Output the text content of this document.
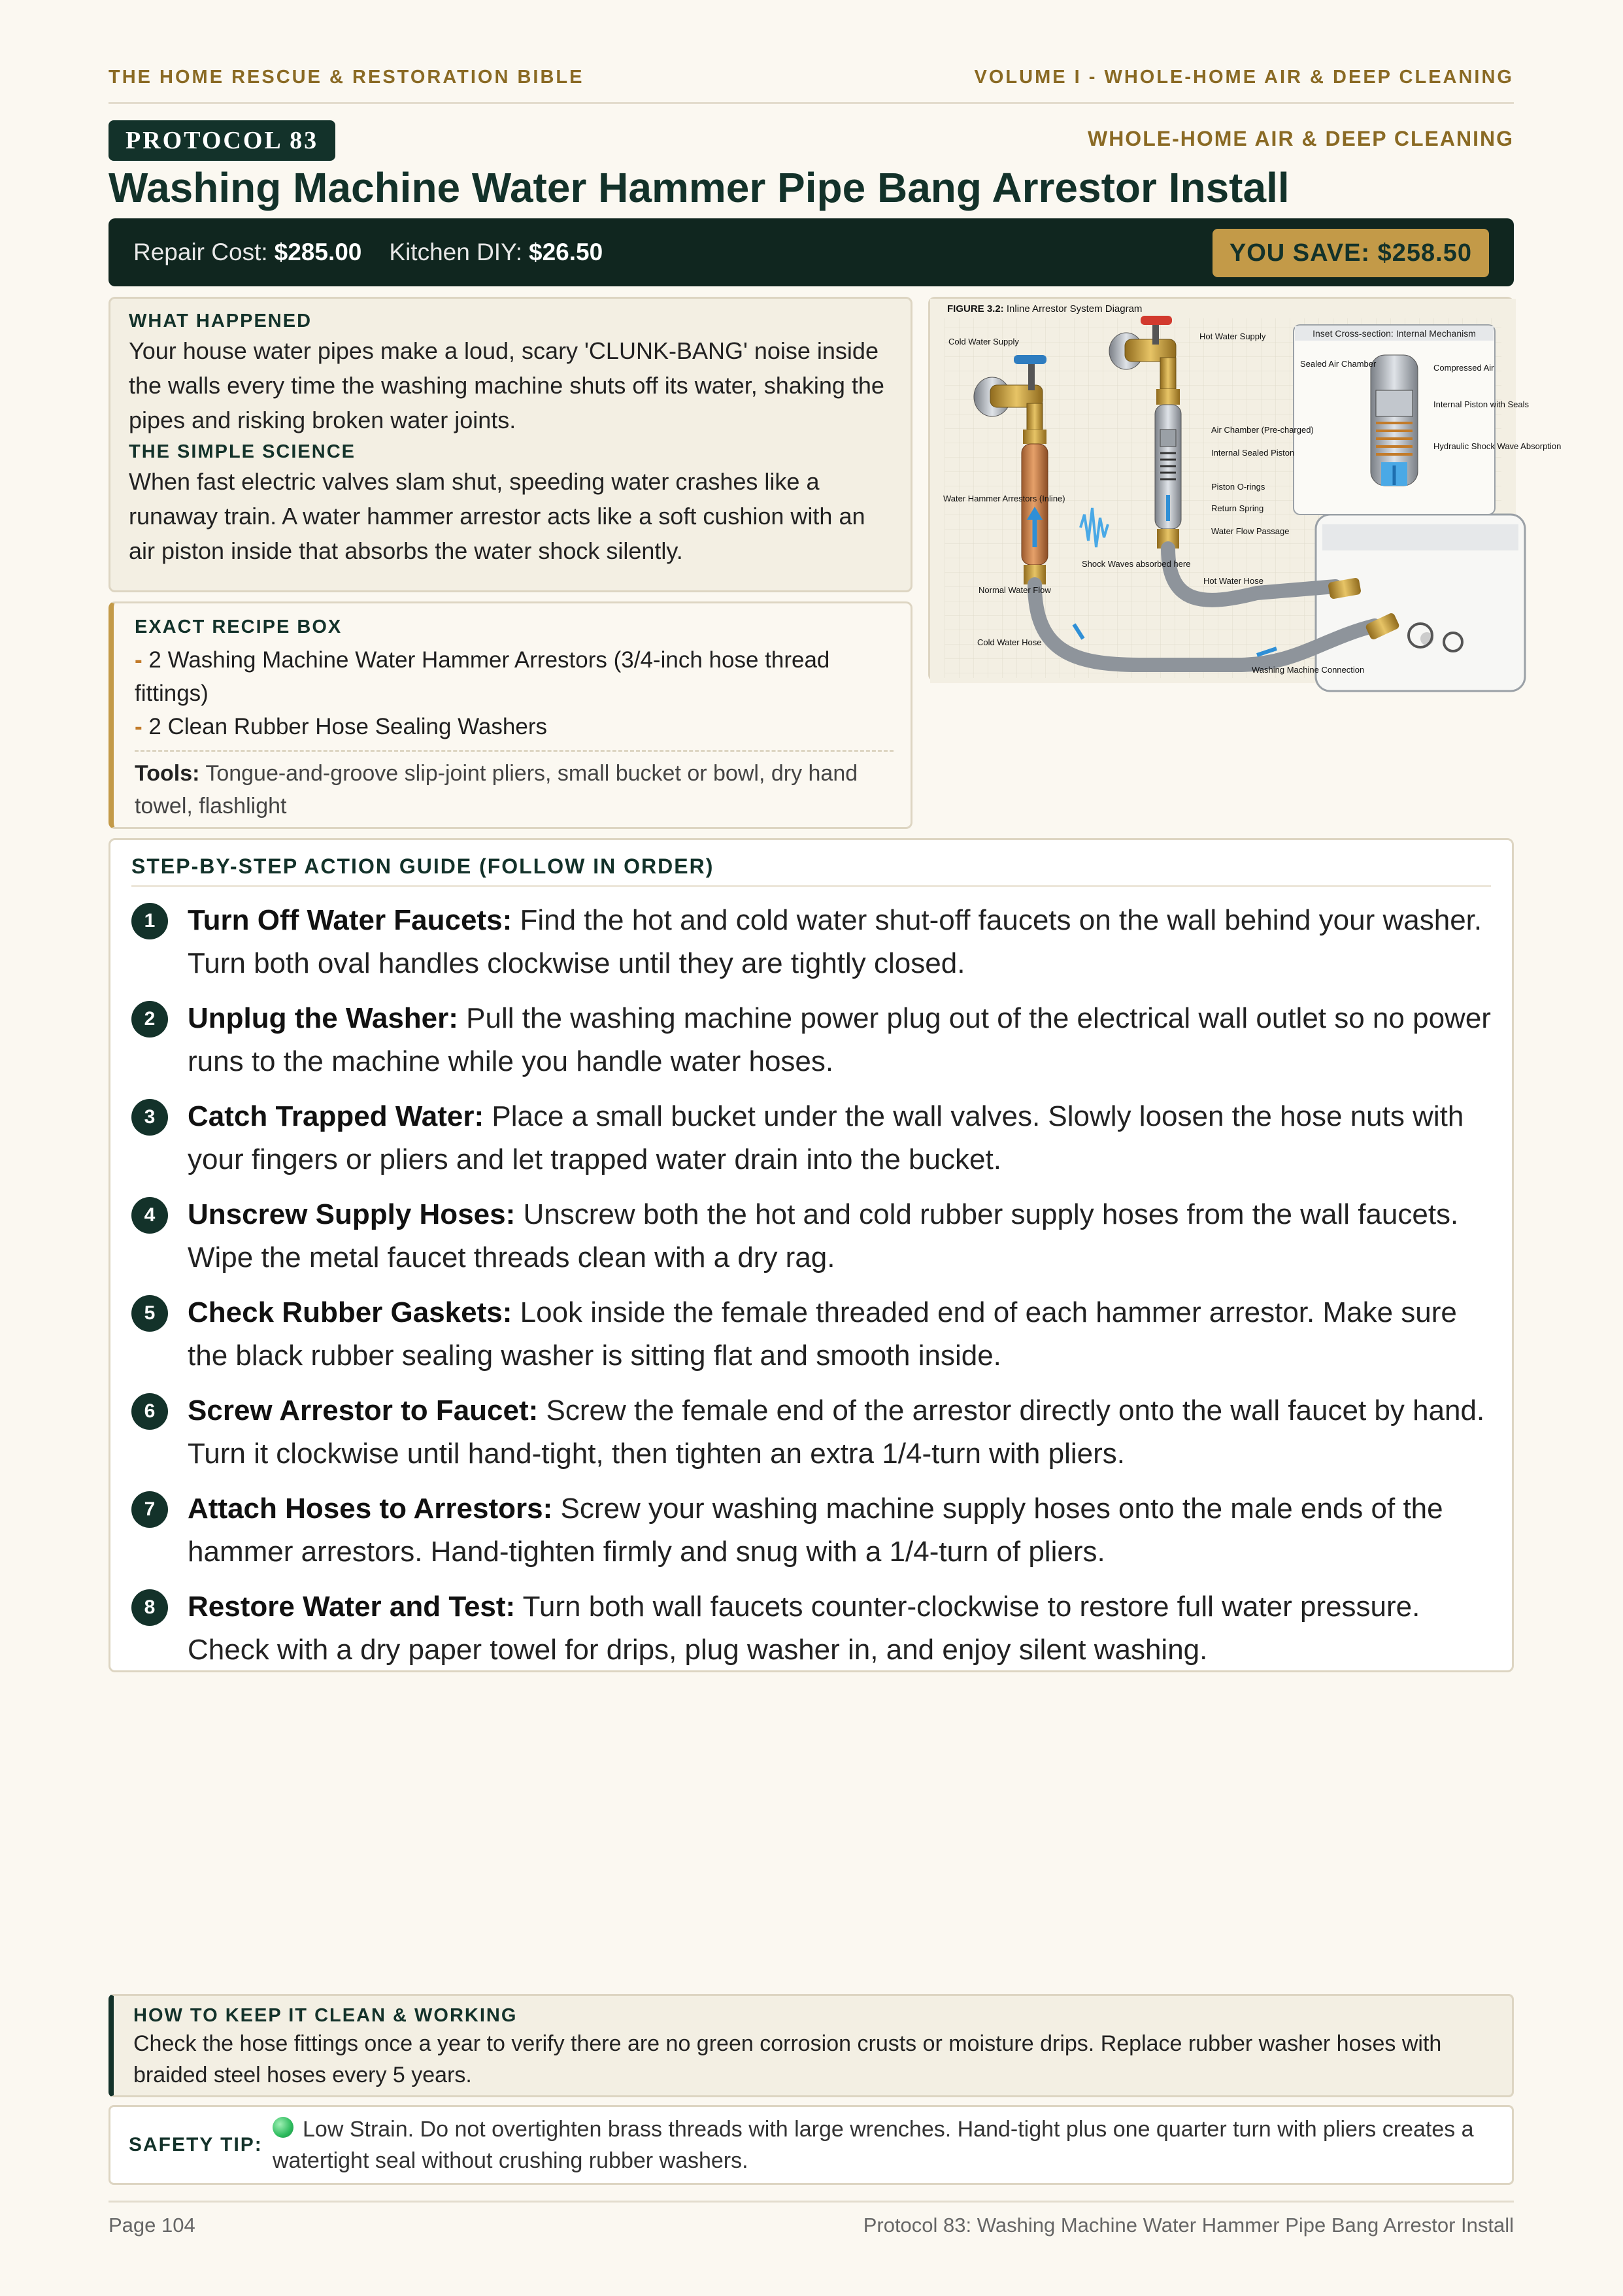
THE HOME RESCUE & RESTORATION BIBLE	VOLUME I - WHOLE-HOME AIR & DEEP CLEANING
PROTOCOL 83	WHOLE-HOME AIR & DEEP CLEANING
Washing Machine Water Hammer Pipe Bang Arrestor Install
Repair Cost: $285.00 Kitchen DIY: $26.50	YOU SAVE: $258.50
WHAT HAPPENED
Your house water pipes make a loud, scary 'CLUNK-BANG' noise inside the walls every time the washing machine shuts off its water, shaking the pipes and risking broken water joints.
THE SIMPLE SCIENCE
When fast electric valves slam shut, speeding water crashes like a runaway train. A water hammer arrestor acts like a soft cushion with an air piston inside that absorbs the water shock silently.
EXACT RECIPE BOX
- 2 Washing Machine Water Hammer Arrestors (3/4-inch hose thread fittings)
- 2 Clean Rubber Hose Sealing Washers
Tools: Tongue-and-groove slip-joint pliers, small bucket or bowl, dry hand towel, flashlight
FIGURE 3.2: Inline Arrestor System Diagram
Inset Cross-section: Internal Mechanism
Cold Water Supply
Hot Water Supply
Air Chamber (Pre-charged)
Internal Sealed Piston
Piston O-rings
Return Spring
Water Flow Passage
Water Hammer Arrestors (Inline)
Shock Waves absorbed here
Normal Water Flow
Hot Water Hose
Cold Water Hose
Washing Machine Connection
Sealed Air Chamber	Compressed Air
Internal Piston with Seals
Hydraulic Shock Wave Absorption
STEP-BY-STEP ACTION GUIDE (FOLLOW IN ORDER)
1	Turn Off Water Faucets: Find the hot and cold water shut-off faucets on the wall behind your washer. Turn both oval handles clockwise until they are tightly closed.
2	Unplug the Washer: Pull the washing machine power plug out of the electrical wall outlet so no power runs to the machine while you handle water hoses.
3	Catch Trapped Water: Place a small bucket under the wall valves. Slowly loosen the hose nuts with your fingers or pliers and let trapped water drain into the bucket.
4	Unscrew Supply Hoses: Unscrew both the hot and cold rubber supply hoses from the wall faucets. Wipe the metal faucet threads clean with a dry rag.
5	Check Rubber Gaskets: Look inside the female threaded end of each hammer arrestor. Make sure the black rubber sealing washer is sitting flat and smooth inside.
6	Screw Arrestor to Faucet: Screw the female end of the arrestor directly onto the wall faucet by hand. Turn it clockwise until hand-tight, then tighten an extra 1/4-turn with pliers.
7	Attach Hoses to Arrestors: Screw your washing machine supply hoses onto the male ends of the hammer arrestors. Hand-tighten firmly and snug with a 1/4-turn of pliers.
8	Restore Water and Test: Turn both wall faucets counter-clockwise to restore full water pressure. Check with a dry paper towel for drips, plug washer in, and enjoy silent washing.
HOW TO KEEP IT CLEAN & WORKING
Check the hose fittings once a year to verify there are no green corrosion crusts or moisture drips. Replace rubber washer hoses with braided steel hoses every 5 years.
SAFETY TIP:
Low Strain. Do not overtighten brass threads with large wrenches. Hand-tight plus one quarter turn with pliers creates a watertight seal without crushing rubber washers.
Page 104	Protocol 83: Washing Machine Water Hammer Pipe Bang Arrestor Install
